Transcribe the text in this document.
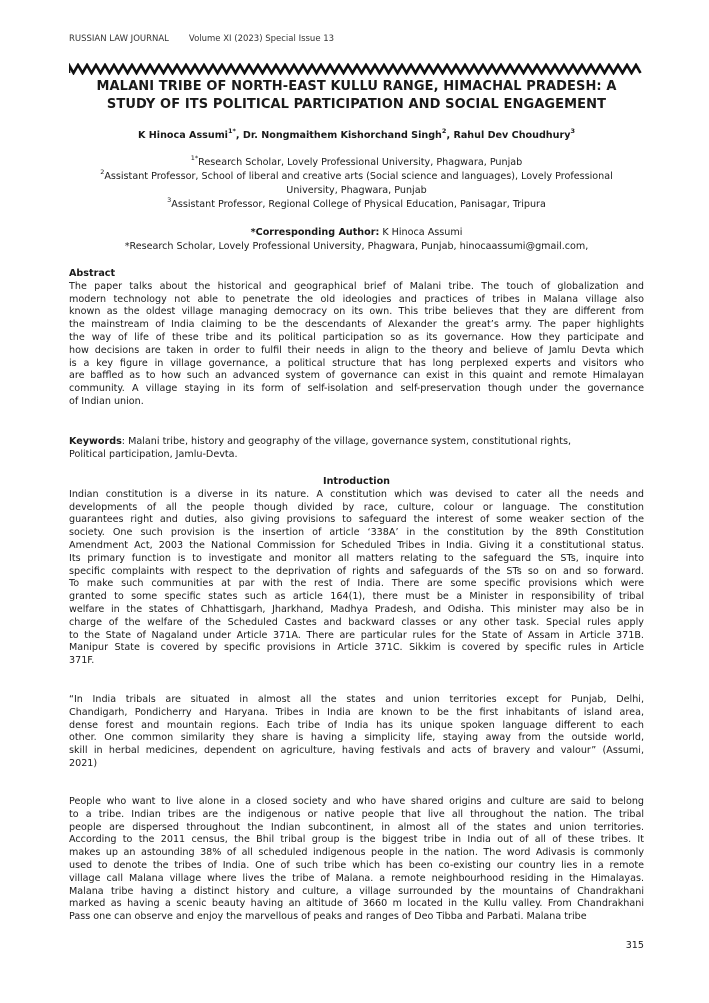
RUSSIAN LAW JOURNAL Volume XI (2023) Special Issue 13
MALANI TRIBE OF NORTH-EAST KULLU RANGE, HIMACHAL PRADESH: A
STUDY OF ITS POLITICAL PARTICIPATION AND SOCIAL ENGAGEMENT
K Hinoca Assumi$^{1*}$, Dr. Nongmaithem Kishorchand Singh$^2$, Rahul Dev Choudhury$^3$
$^{1*}$Research Scholar, Lovely Professional University, Phagwara, Punjab
$^2$Assistant Professor, School of liberal and creative arts (Social science and languages), Lovely Professional
University, Phagwara, Punjab
$^3$Assistant Professor, Regional College of Physical Education, Panisagar, Tripura
*Corresponding Author: K Hinoca Assumi
*Research Scholar, Lovely Professional University, Phagwara, Punjab, hinocaassumi@gmail.com,
Abstract
The paper talks about the historical and geographical brief of Malani tribe. The touch of globalization and
modern technology not able to penetrate the old ideologies and practices of tribes in Malana village also
known as the oldest village managing democracy on its own. This tribe believes that they are different from
the mainstream of India claiming to be the descendants of Alexander the great’s army. The paper highlights
the way of life of these tribe and its political participation so as its governance. How they participate and
how decisions are taken in order to fulfil their needs in align to the theory and believe of Jamlu Devta which
is a key figure in village governance, a political structure that has long perplexed experts and visitors who
are baffled as to how such an advanced system of governance can exist in this quaint and remote Himalayan
community. A village staying in its form of self-isolation and self-preservation though under the governance
of Indian union.
Keywords: Malani tribe, history and geography of the village, governance system, constitutional rights,
Political participation, Jamlu-Devta.
Introduction
Indian constitution is a diverse in its nature. A constitution which was devised to cater all the needs and
developments of all the people though divided by race, culture, colour or language. The constitution
guarantees right and duties, also giving provisions to safeguard the interest of some weaker section of the
society. One such provision is the insertion of article ‘338A’ in the constitution by the 89th Constitution
Amendment Act, 2003 the National Commission for Scheduled Tribes in India. Giving it a constitutional status.
Its primary function is to investigate and monitor all matters relating to the safeguard the STs, inquire into
specific complaints with respect to the deprivation of rights and safeguards of the STs so on and so forward.
To make such communities at par with the rest of India. There are some specific provisions which were
granted to some specific states such as article 164(1), there must be a Minister in responsibility of tribal
welfare in the states of Chhattisgarh, Jharkhand, Madhya Pradesh, and Odisha. This minister may also be in
charge of the welfare of the Scheduled Castes and backward classes or any other task. Special rules apply
to the State of Nagaland under Article 371A. There are particular rules for the State of Assam in Article 371B.
Manipur State is covered by specific provisions in Article 371C. Sikkim is covered by specific rules in Article
371F.
“In India tribals are situated in almost all the states and union territories except for Punjab, Delhi,
Chandigarh, Pondicherry and Haryana. Tribes in India are known to be the first inhabitants of island area,
dense forest and mountain regions. Each tribe of India has its unique spoken language different to each
other. One common similarity they share is having a simplicity life, staying away from the outside world,
skill in herbal medicines, dependent on agriculture, having festivals and acts of bravery and valour” (Assumi,
2021)
People who want to live alone in a closed society and who have shared origins and culture are said to belong
to a tribe. Indian tribes are the indigenous or native people that live all throughout the nation. The tribal
people are dispersed throughout the Indian subcontinent, in almost all of the states and union territories.
According to the 2011 census, the Bhil tribal group is the biggest tribe in India out of all of these tribes. It
makes up an astounding 38% of all scheduled indigenous people in the nation. The word Adivasis is commonly
used to denote the tribes of India. One of such tribe which has been co-existing our country lies in a remote
village call Malana village where lives the tribe of Malana. a remote neighbourhood residing in the Himalayas.
Malana tribe having a distinct history and culture, a village surrounded by the mountains of Chandrakhani
marked as having a scenic beauty having an altitude of 3660 m located in the Kullu valley. From Chandrakhani
Pass one can observe and enjoy the marvellous of peaks and ranges of Deo Tibba and Parbati. Malana tribe
315
